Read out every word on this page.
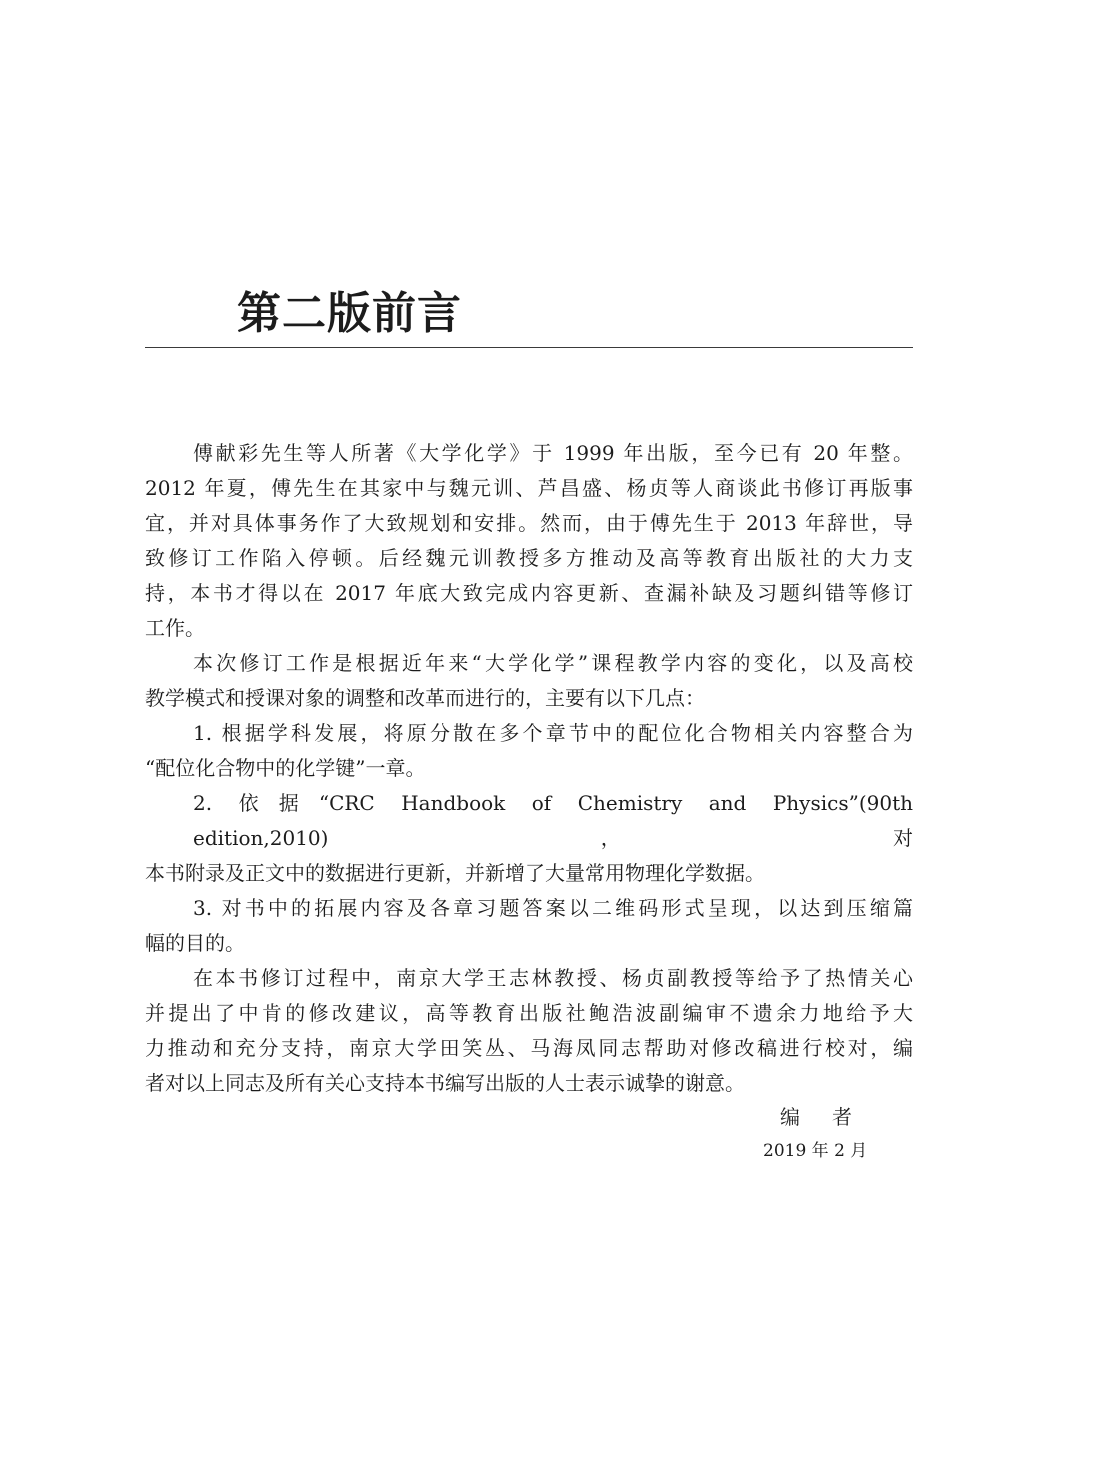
第二版前言
傅献彩先生等人所著《大学化学》于 1999 年出版，至今已有 20 年整。
2012 年夏，傅先生在其家中与魏元训、芦昌盛、杨贞等人商谈此书修订再版事
宜，并对具体事务作了大致规划和安排。然而，由于傅先生于 2013 年辞世，导
致修订工作陷入停顿。后经魏元训教授多方推动及高等教育出版社的大力支
持，本书才得以在 2017 年底大致完成内容更新、查漏补缺及习题纠错等修订
工作。
本次修订工作是根据近年来“大学化学”课程教学内容的变化，以及高校
教学模式和授课对象的调整和改革而进行的，主要有以下几点：
1. 根据学科发展，将原分散在多个章节中的配位化合物相关内容整合为
“配位化合物中的化学键”一章。
2. 依据“CRC Handbook of Chemistry and Physics”(90th edition,2010)，对
本书附录及正文中的数据进行更新，并新增了大量常用物理化学数据。
3. 对书中的拓展内容及各章习题答案以二维码形式呈现，以达到压缩篇
幅的目的。
在本书修订过程中，南京大学王志林教授、杨贞副教授等给予了热情关心
并提出了中肯的修改建议，高等教育出版社鲍浩波副编审不遗余力地给予大
力推动和充分支持，南京大学田笑丛、马海凤同志帮助对修改稿进行校对，编
者对以上同志及所有关心支持本书编写出版的人士表示诚挚的谢意。
编　者
2019 年 2 月
